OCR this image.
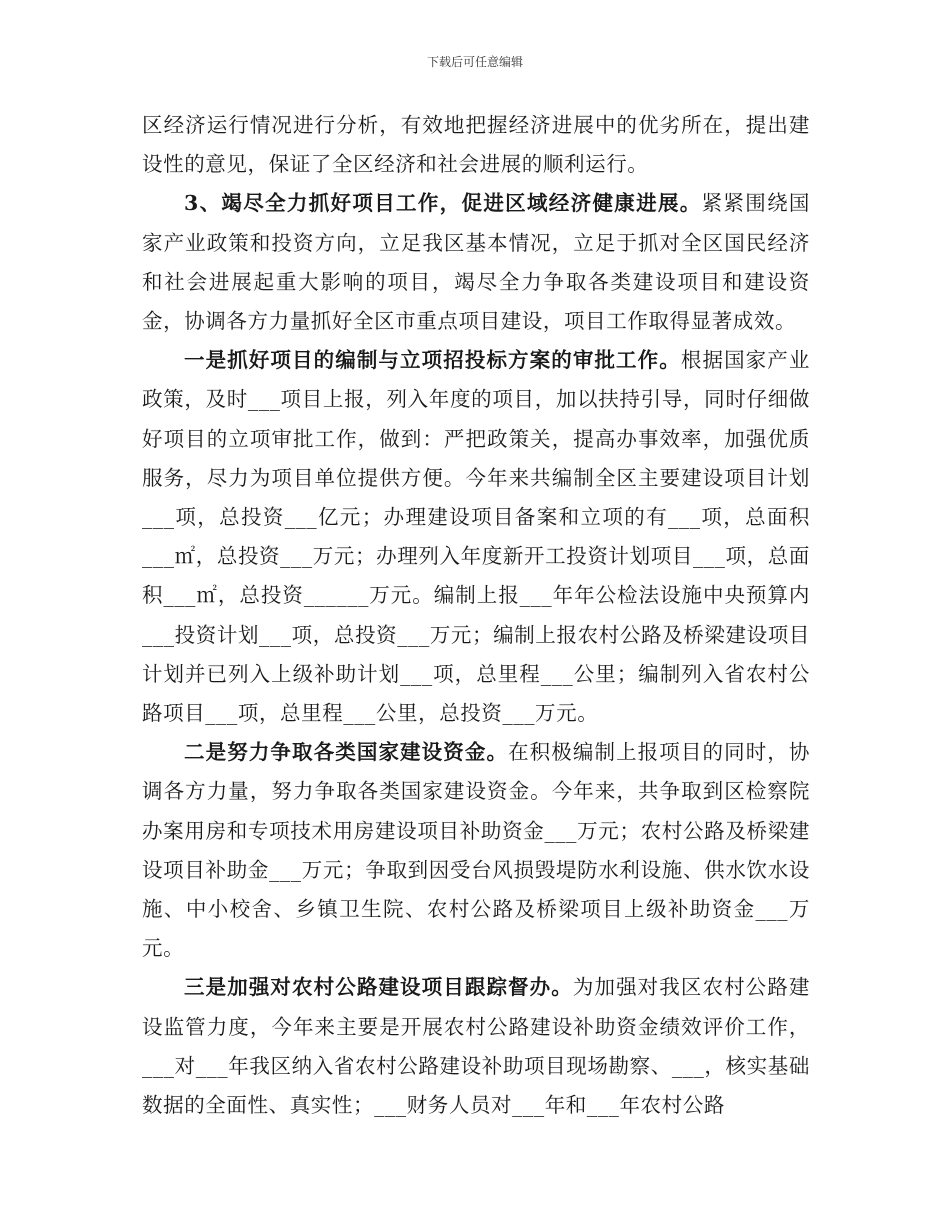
下载后可任意编辑

区经济运行情况进行分析，有效地把握经济进展中的优劣所在，提出建设性的意见，保证了全区经济和社会进展的顺利运行。

3、竭尽全力抓好项目工作，促进区域经济健康进展。紧紧围绕国家产业政策和投资方向，立足我区基本情况，立足于抓对全区国民经济和社会进展起重大影响的项目，竭尽全力争取各类建设项目和建设资金，协调各方力量抓好全区市重点项目建设，项目工作取得显著成效。

一是抓好项目的编制与立项招投标方案的审批工作。根据国家产业政策，及时___项目上报，列入年度的项目，加以扶持引导，同时仔细做好项目的立项审批工作，做到：严把政策关，提高办事效率，加强优质服务，尽力为项目单位提供方便。今年来共编制全区主要建设项目计划___项，总投资___亿元；办理建设项目备案和立项的有___项，总面积___㎡，总投资___万元；办理列入年度新开工投资计划项目___项，总面积___㎡，总投资______万元。编制上报___年年公检法设施中央预算内___投资计划___项，总投资___万元；编制上报农村公路及桥梁建设项目计划并已列入上级补助计划___项，总里程___公里；编制列入省农村公路项目___项，总里程___公里，总投资___万元。

二是努力争取各类国家建设资金。在积极编制上报项目的同时，协调各方力量，努力争取各类国家建设资金。今年来，共争取到区检察院办案用房和专项技术用房建设项目补助资金___万元；农村公路及桥梁建设项目补助金___万元；争取到因受台风损毁堤防水利设施、供水饮水设施、中小校舍、乡镇卫生院、农村公路及桥梁项目上级补助资金___万元。

三是加强对农村公路建设项目跟踪督办。为加强对我区农村公路建设监管力度，今年来主要是开展农村公路建设补助资金绩效评价工作，___对___年我区纳入省农村公路建设补助项目现场勘察、___，核实基础数据的全面性、真实性；___财务人员对___年和___年农村公路
